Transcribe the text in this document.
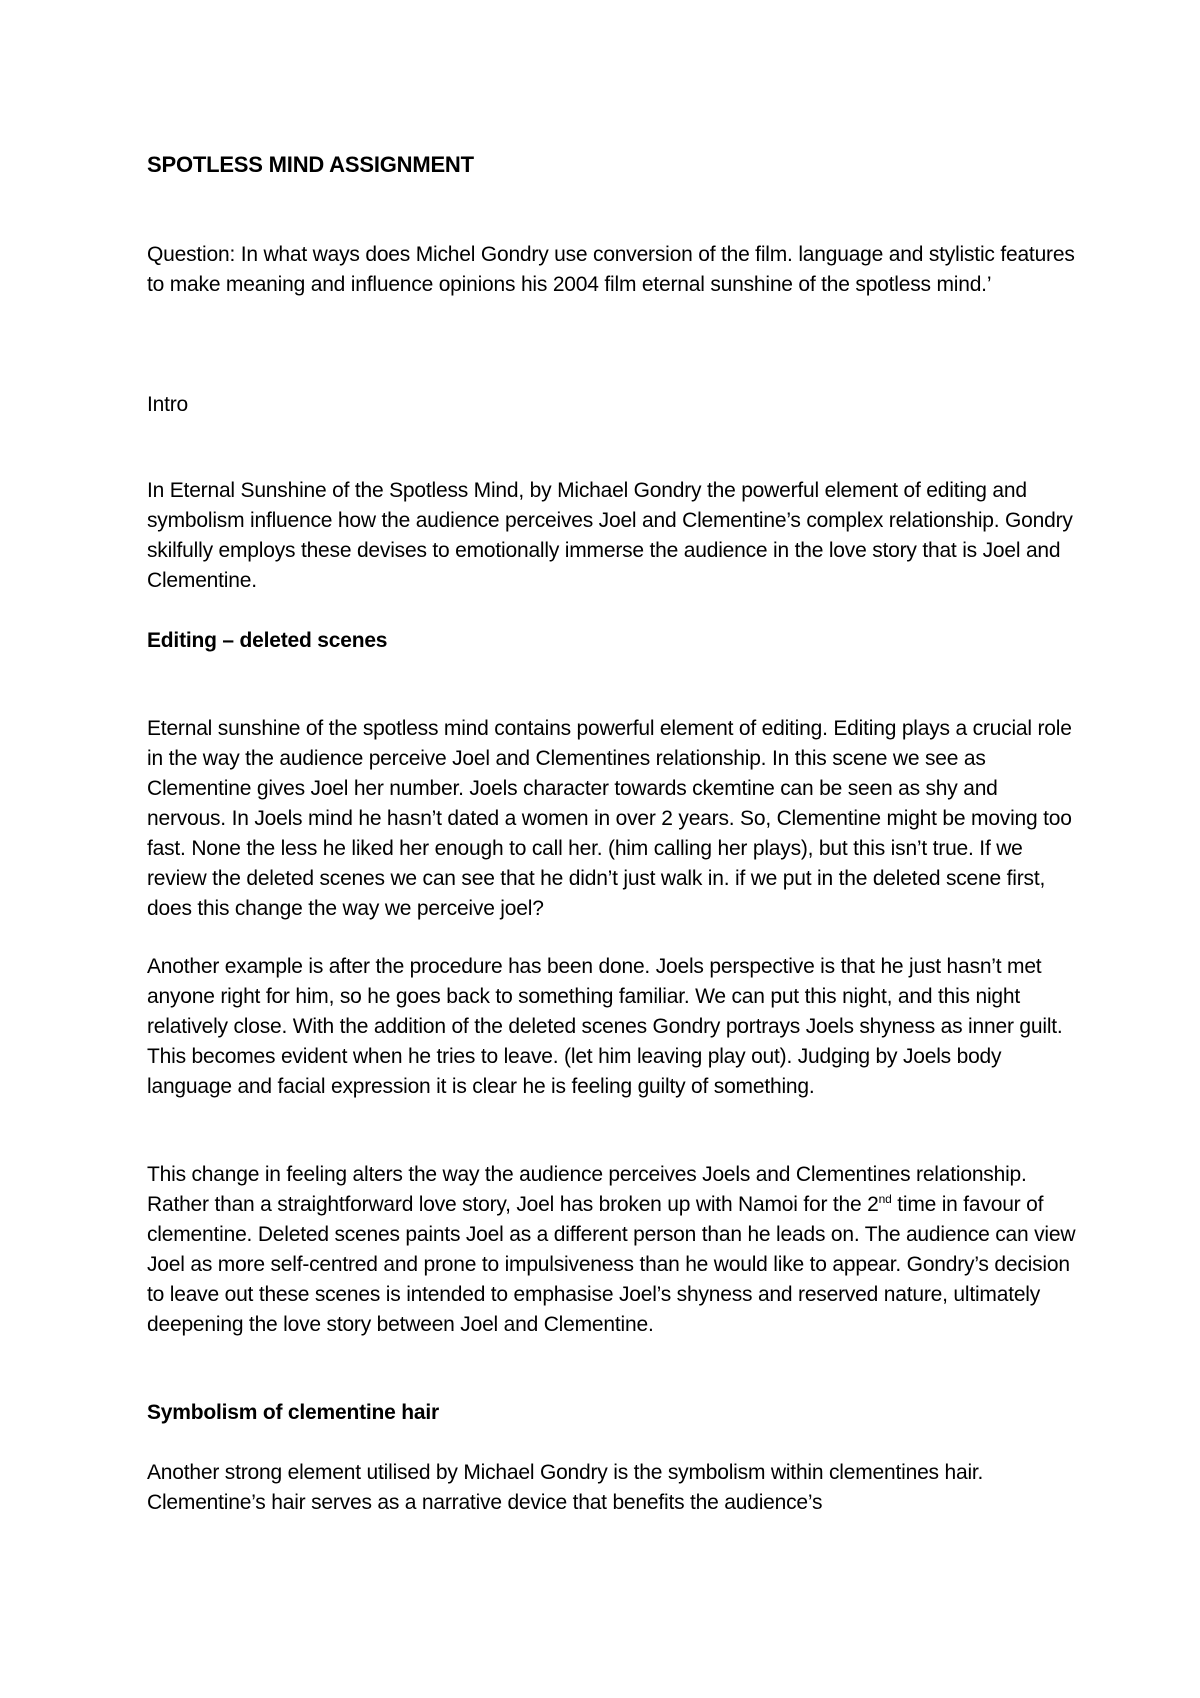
SPOTLESS MIND ASSIGNMENT

Question: In what ways does Michel Gondry use conversion of the film. language and stylistic features to make meaning and influence opinions his 2004 film eternal sunshine of the spotless mind.’

Intro

In Eternal Sunshine of the Spotless Mind, by Michael Gondry the powerful element of editing and symbolism influence how the audience perceives Joel and Clementine’s complex relationship. Gondry skilfully employs these devises to emotionally immerse the audience in the love story that is Joel and Clementine.

Editing – deleted scenes

Eternal sunshine of the spotless mind contains powerful element of editing. Editing plays a crucial role in the way the audience perceive Joel and Clementines relationship. In this scene we see as Clementine gives Joel her number. Joels character towards ckemtine can be seen as shy and nervous. In Joels mind he hasn’t dated a women in over 2 years. So, Clementine might be moving too fast. None the less he liked her enough to call her. (him calling her plays), but this isn’t true. If we review the deleted scenes we can see that he didn’t just walk in. if we put in the deleted scene first, does this change the way we perceive joel?

Another example is after the procedure has been done. Joels perspective is that he just hasn’t met anyone right for him, so he goes back to something familiar. We can put this night, and this night relatively close. With the addition of the deleted scenes Gondry portrays Joels shyness as inner guilt. This becomes evident when he tries to leave. (let him leaving play out). Judging by Joels body language and facial expression it is clear he is feeling guilty of something.

This change in feeling alters the way the audience perceives Joels and Clementines relationship. Rather than a straightforward love story, Joel has broken up with Namoi for the 2nd time in favour of clementine. Deleted scenes paints Joel as a different person than he leads on. The audience can view Joel as more self-centred and prone to impulsiveness than he would like to appear. Gondry’s decision to leave out these scenes is intended to emphasise Joel’s shyness and reserved nature, ultimately deepening the love story between Joel and Clementine.

Symbolism of clementine hair

Another strong element utilised by Michael Gondry is the symbolism within clementines hair. Clementine’s hair serves as a narrative device that benefits the audience’s
